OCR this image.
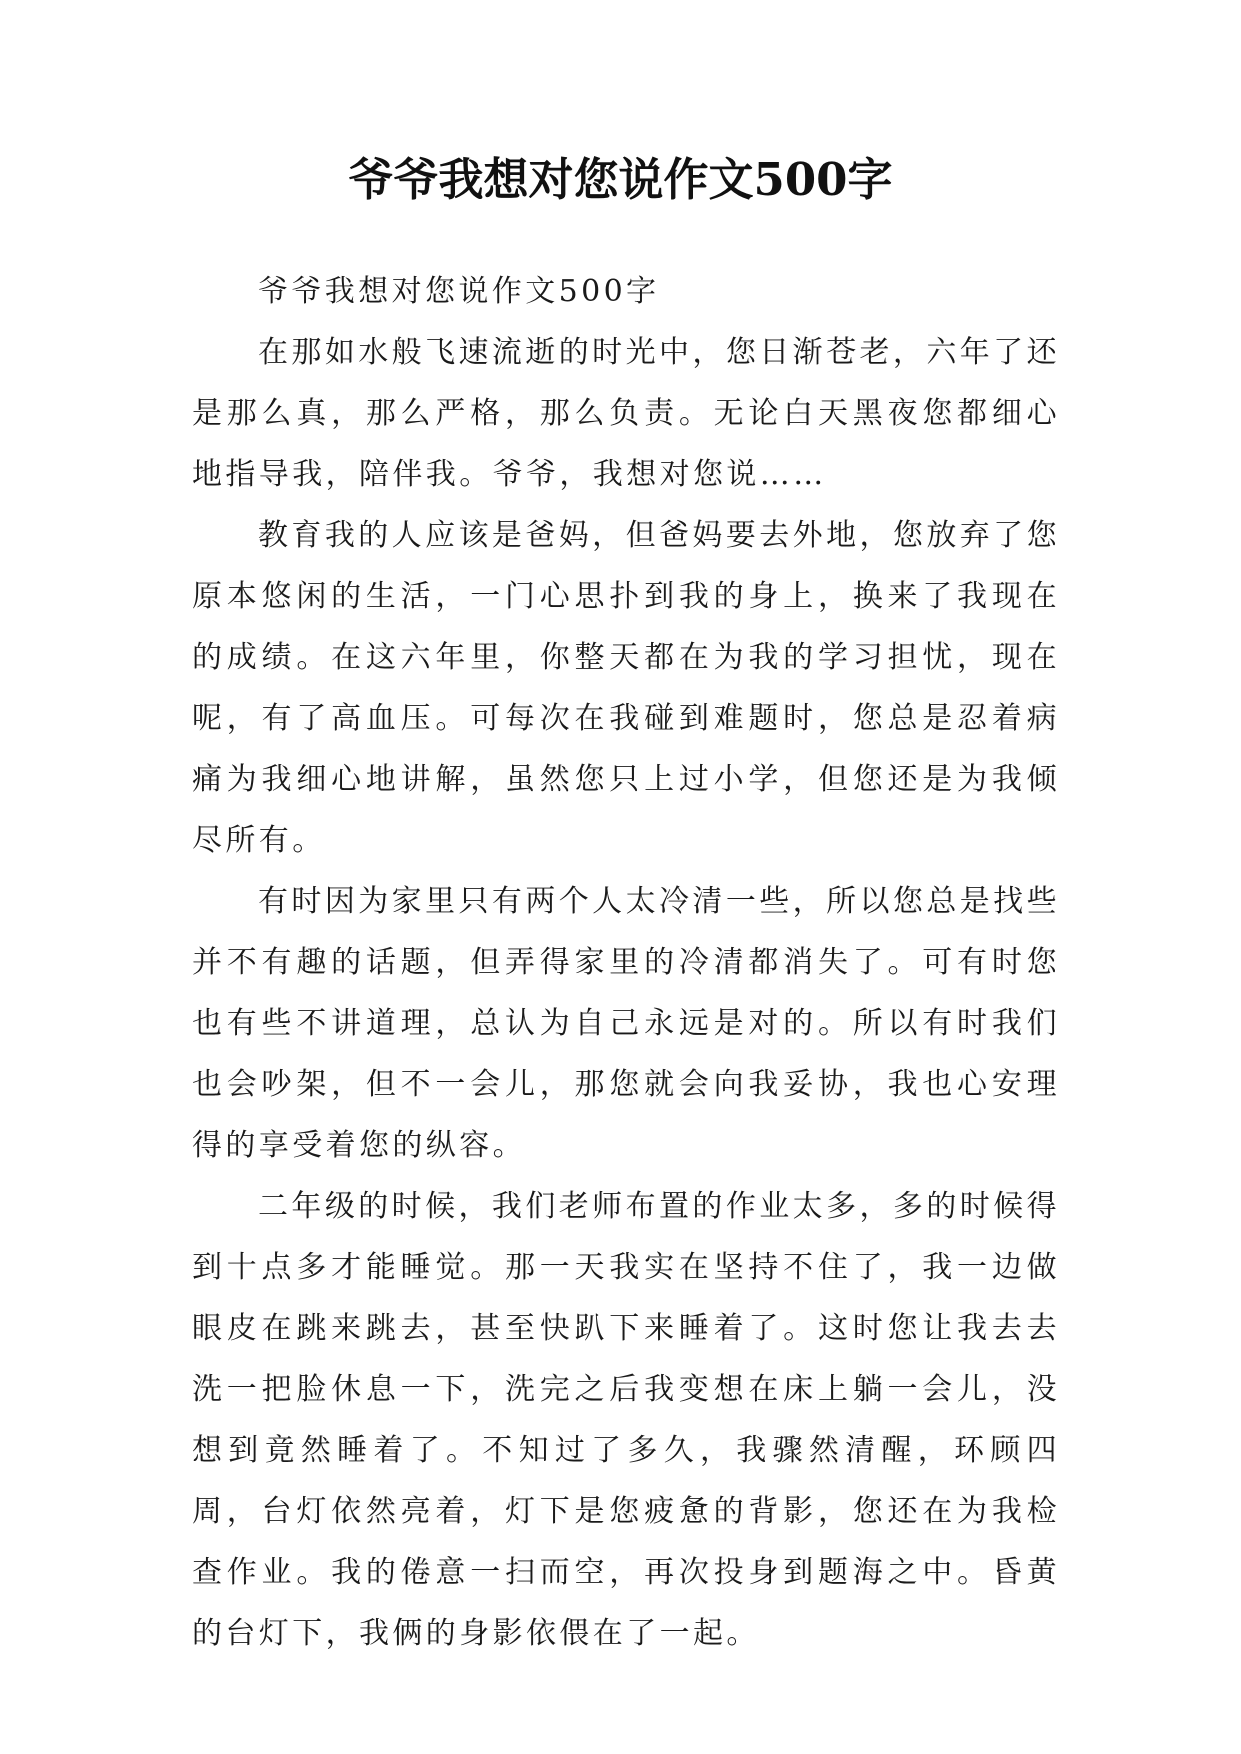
爷爷我想对您说作文500字

爷爷我想对您说作文500字

在那如水般飞速流逝的时光中，您日渐苍老，六年了还是那么真，那么严格，那么负责。无论白天黑夜您都细心地指导我，陪伴我。爷爷，我想对您说……

教育我的人应该是爸妈，但爸妈要去外地，您放弃了您原本悠闲的生活，一门心思扑到我的身上，换来了我现在的成绩。在这六年里，你整天都在为我的学习担忧，现在呢，有了高血压。可每次在我碰到难题时，您总是忍着病痛为我细心地讲解，虽然您只上过小学，但您还是为我倾尽所有。

有时因为家里只有两个人太冷清一些，所以您总是找些并不有趣的话题，但弄得家里的冷清都消失了。可有时您也有些不讲道理，总认为自己永远是对的。所以有时我们也会吵架，但不一会儿，那您就会向我妥协，我也心安理得的享受着您的纵容。

二年级的时候，我们老师布置的作业太多，多的时候得到十点多才能睡觉。那一天我实在坚持不住了，我一边做眼皮在跳来跳去，甚至快趴下来睡着了。这时您让我去去洗一把脸休息一下，洗完之后我变想在床上躺一会儿，没想到竟然睡着了。不知过了多久，我骤然清醒，环顾四周，台灯依然亮着，灯下是您疲惫的背影，您还在为我检查作业。我的倦意一扫而空，再次投身到题海之中。昏黄的台灯下，我俩的身影依偎在了一起。
